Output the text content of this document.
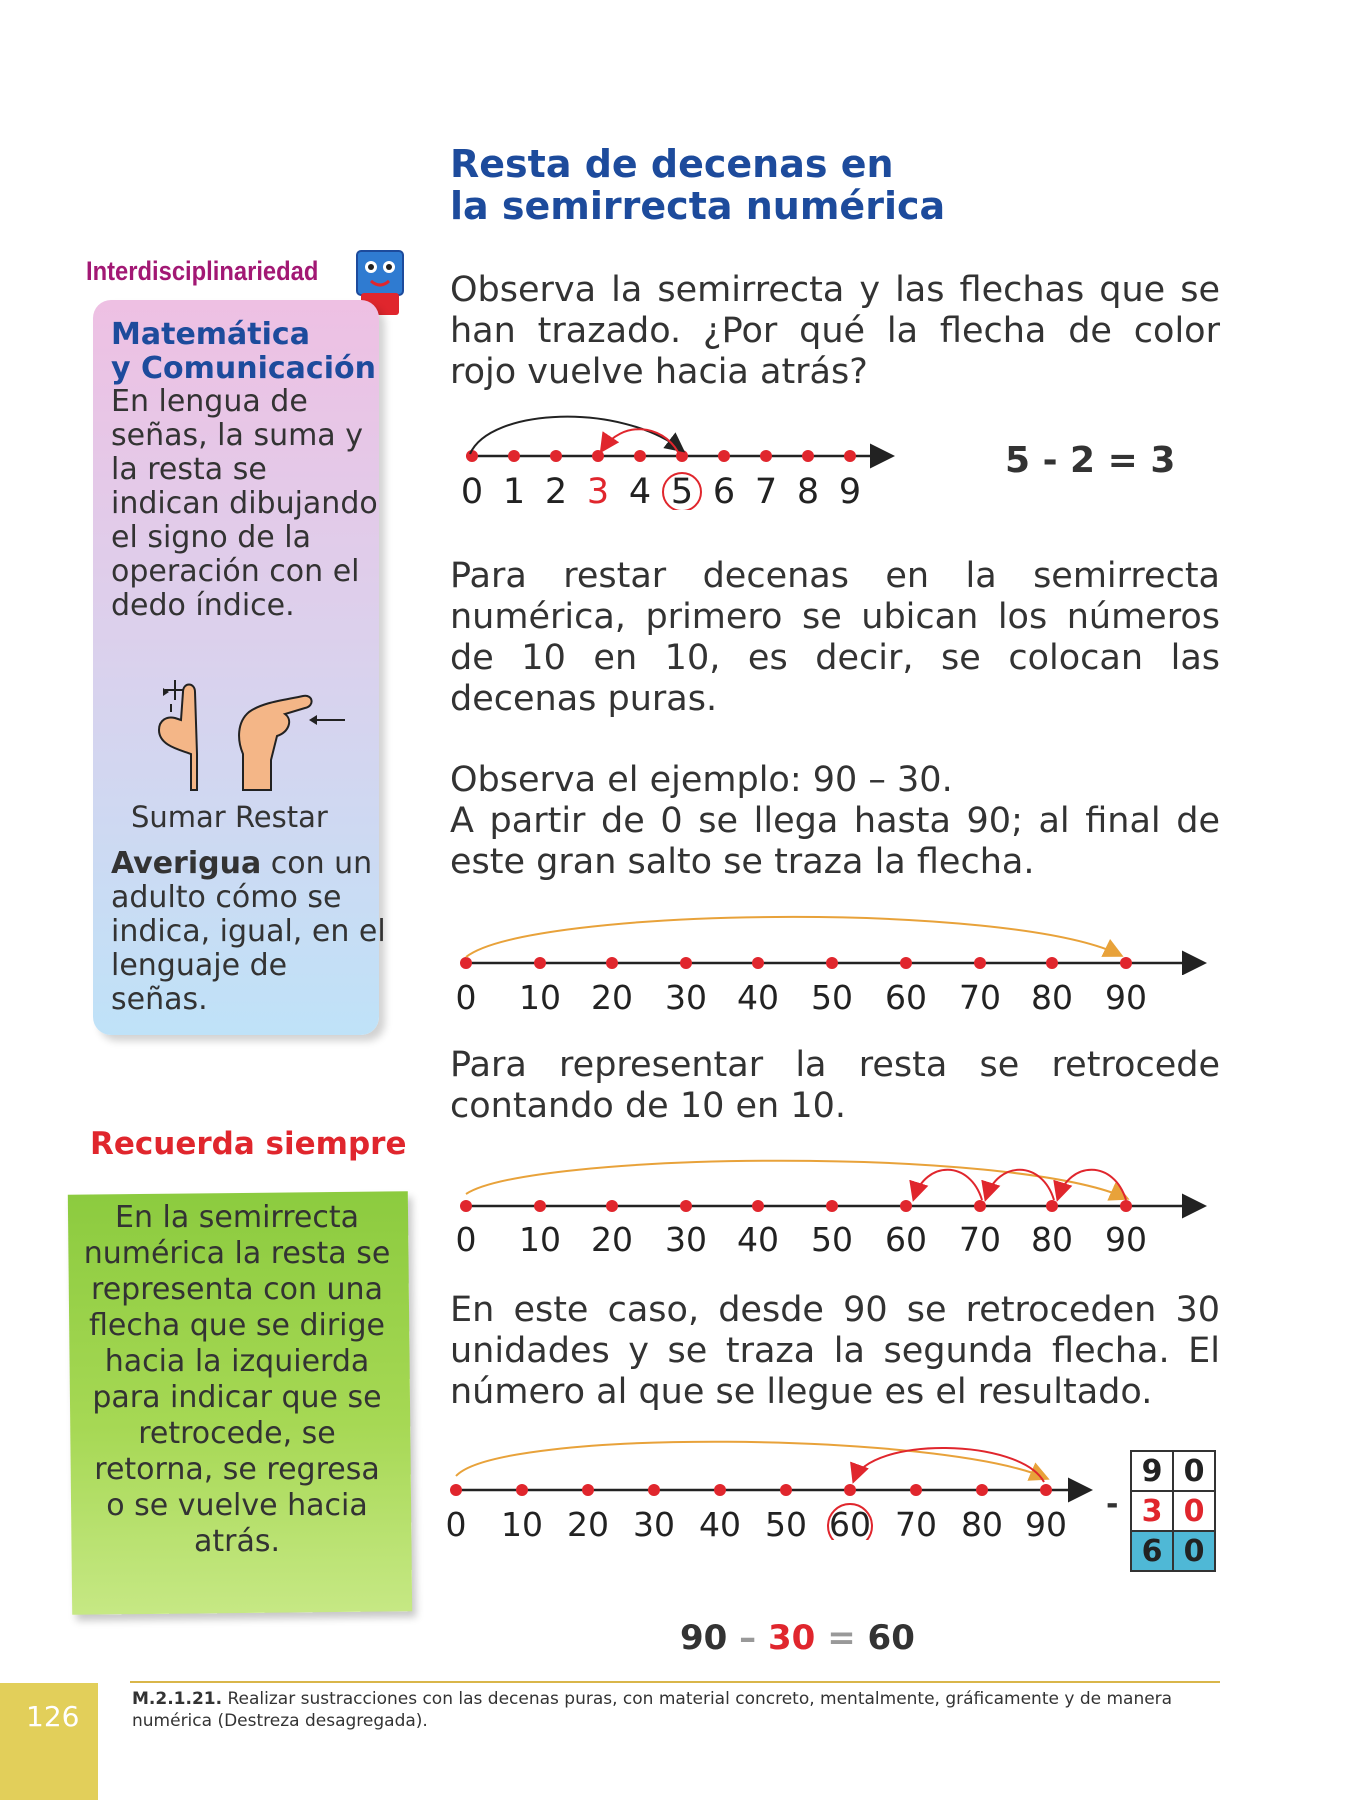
Resta de decenas en
la semirrecta numérica
Observa la semirrecta y las flechas que se han trazado. ¿Por qué la flecha de color rojo vuelve hacia atrás?
0 1 2 3 4 5 6 7 8 9
5 - 2 = 3
Para restar decenas en la semirrecta numérica, primero se ubican los números de 10 en 10, es decir, se colocan las decenas puras.
Observa el ejemplo: 90 – 30.
A partir de 0 se llega hasta 90; al final de este gran salto se traza la flecha.
0	10 20 30 40 50 60 70 80 90
Para representar la resta se retrocede contando de 10 en 10.
0	10 20 30 40 50 60 70 80 90
En este caso, desde 90 se retroceden 30 unidades y se traza la segunda flecha. El número al que se llegue es el resultado.
0	10 20 30 40 50 60 70 80 90
-
9	0
3	0
6	0
90 – 30 = 60
Interdisciplinariedad
Matemática
y Comunicación
En lengua de señas, la suma y la resta se indican dibujando el signo de la operación con el dedo índice.
Sumar Restar
Averigua con un adulto cómo se indica, igual, en el lenguaje de señas.
Recuerda siempre
En la semirrecta numérica la resta se representa con una flecha que se dirige hacia la izquierda para indicar que se retrocede, se retorna, se regresa o se vuelve hacia atrás.
M.2.1.21. Realizar sustracciones con las decenas puras, con material concreto, mentalmente, gráficamente y de manera numérica (Destreza desagregada).
126
